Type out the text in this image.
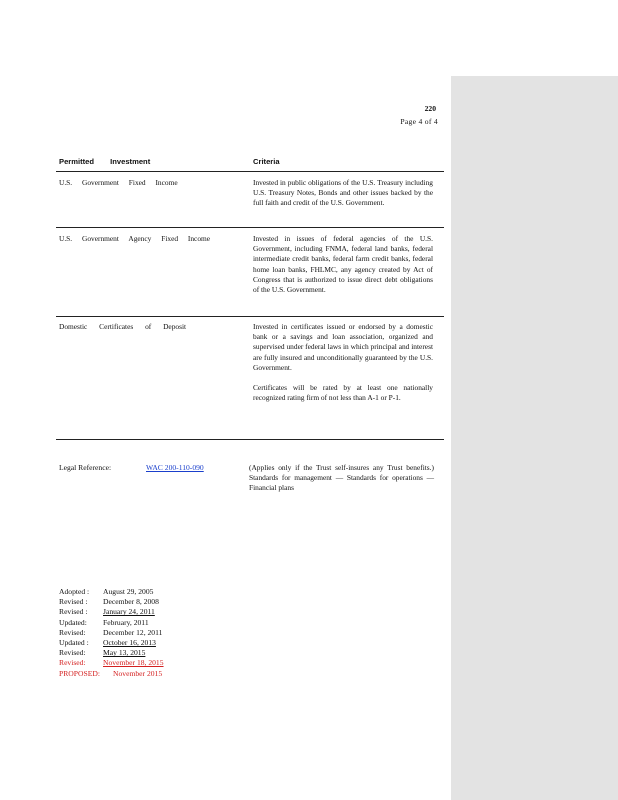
220
Page 4 of 4
Permitted Investment	Criteria
U.S. Government Fixed Income	Invested in public obligations of the U.S. Treasury including U.S. Treasury Notes, Bonds and other issues backed by the full faith and credit of the U.S. Government.

U.S. Government Agency Fixed Income	Invested in issues of federal agencies of the U.S. Government, including FNMA, federal land banks, federal intermediate credit banks, federal farm credit banks, federal home loan banks, FHLMC, any agency created by Act of Congress that is authorized to issue direct debt obligations of the U.S. Government.

Domestic Certificates of Deposit	Invested in certificates issued or endorsed by a domestic bank or a savings and loan association, organized and supervised under federal laws in which principal and interest are fully insured and unconditionally guaranteed by the U.S. Government.

Certificates will be rated by at least one nationally recognized rating firm of not less than A-1 or P-1.

Legal Reference:	WAC 200-110-090	(Applies only if the Trust self-insures any Trust benefits.) Standards for management — Standards for operations — Financial plans
Adopted :	August 29, 2005
Revised :	December 8, 2008
Revised :	January 24, 2011
Updated:	February, 2011
Revised:	December 12, 2011
Updated :	October 16, 2013
Revised:	May 13, 2015
Revised:	November 18, 2015
PROPOSED:	November 2015
